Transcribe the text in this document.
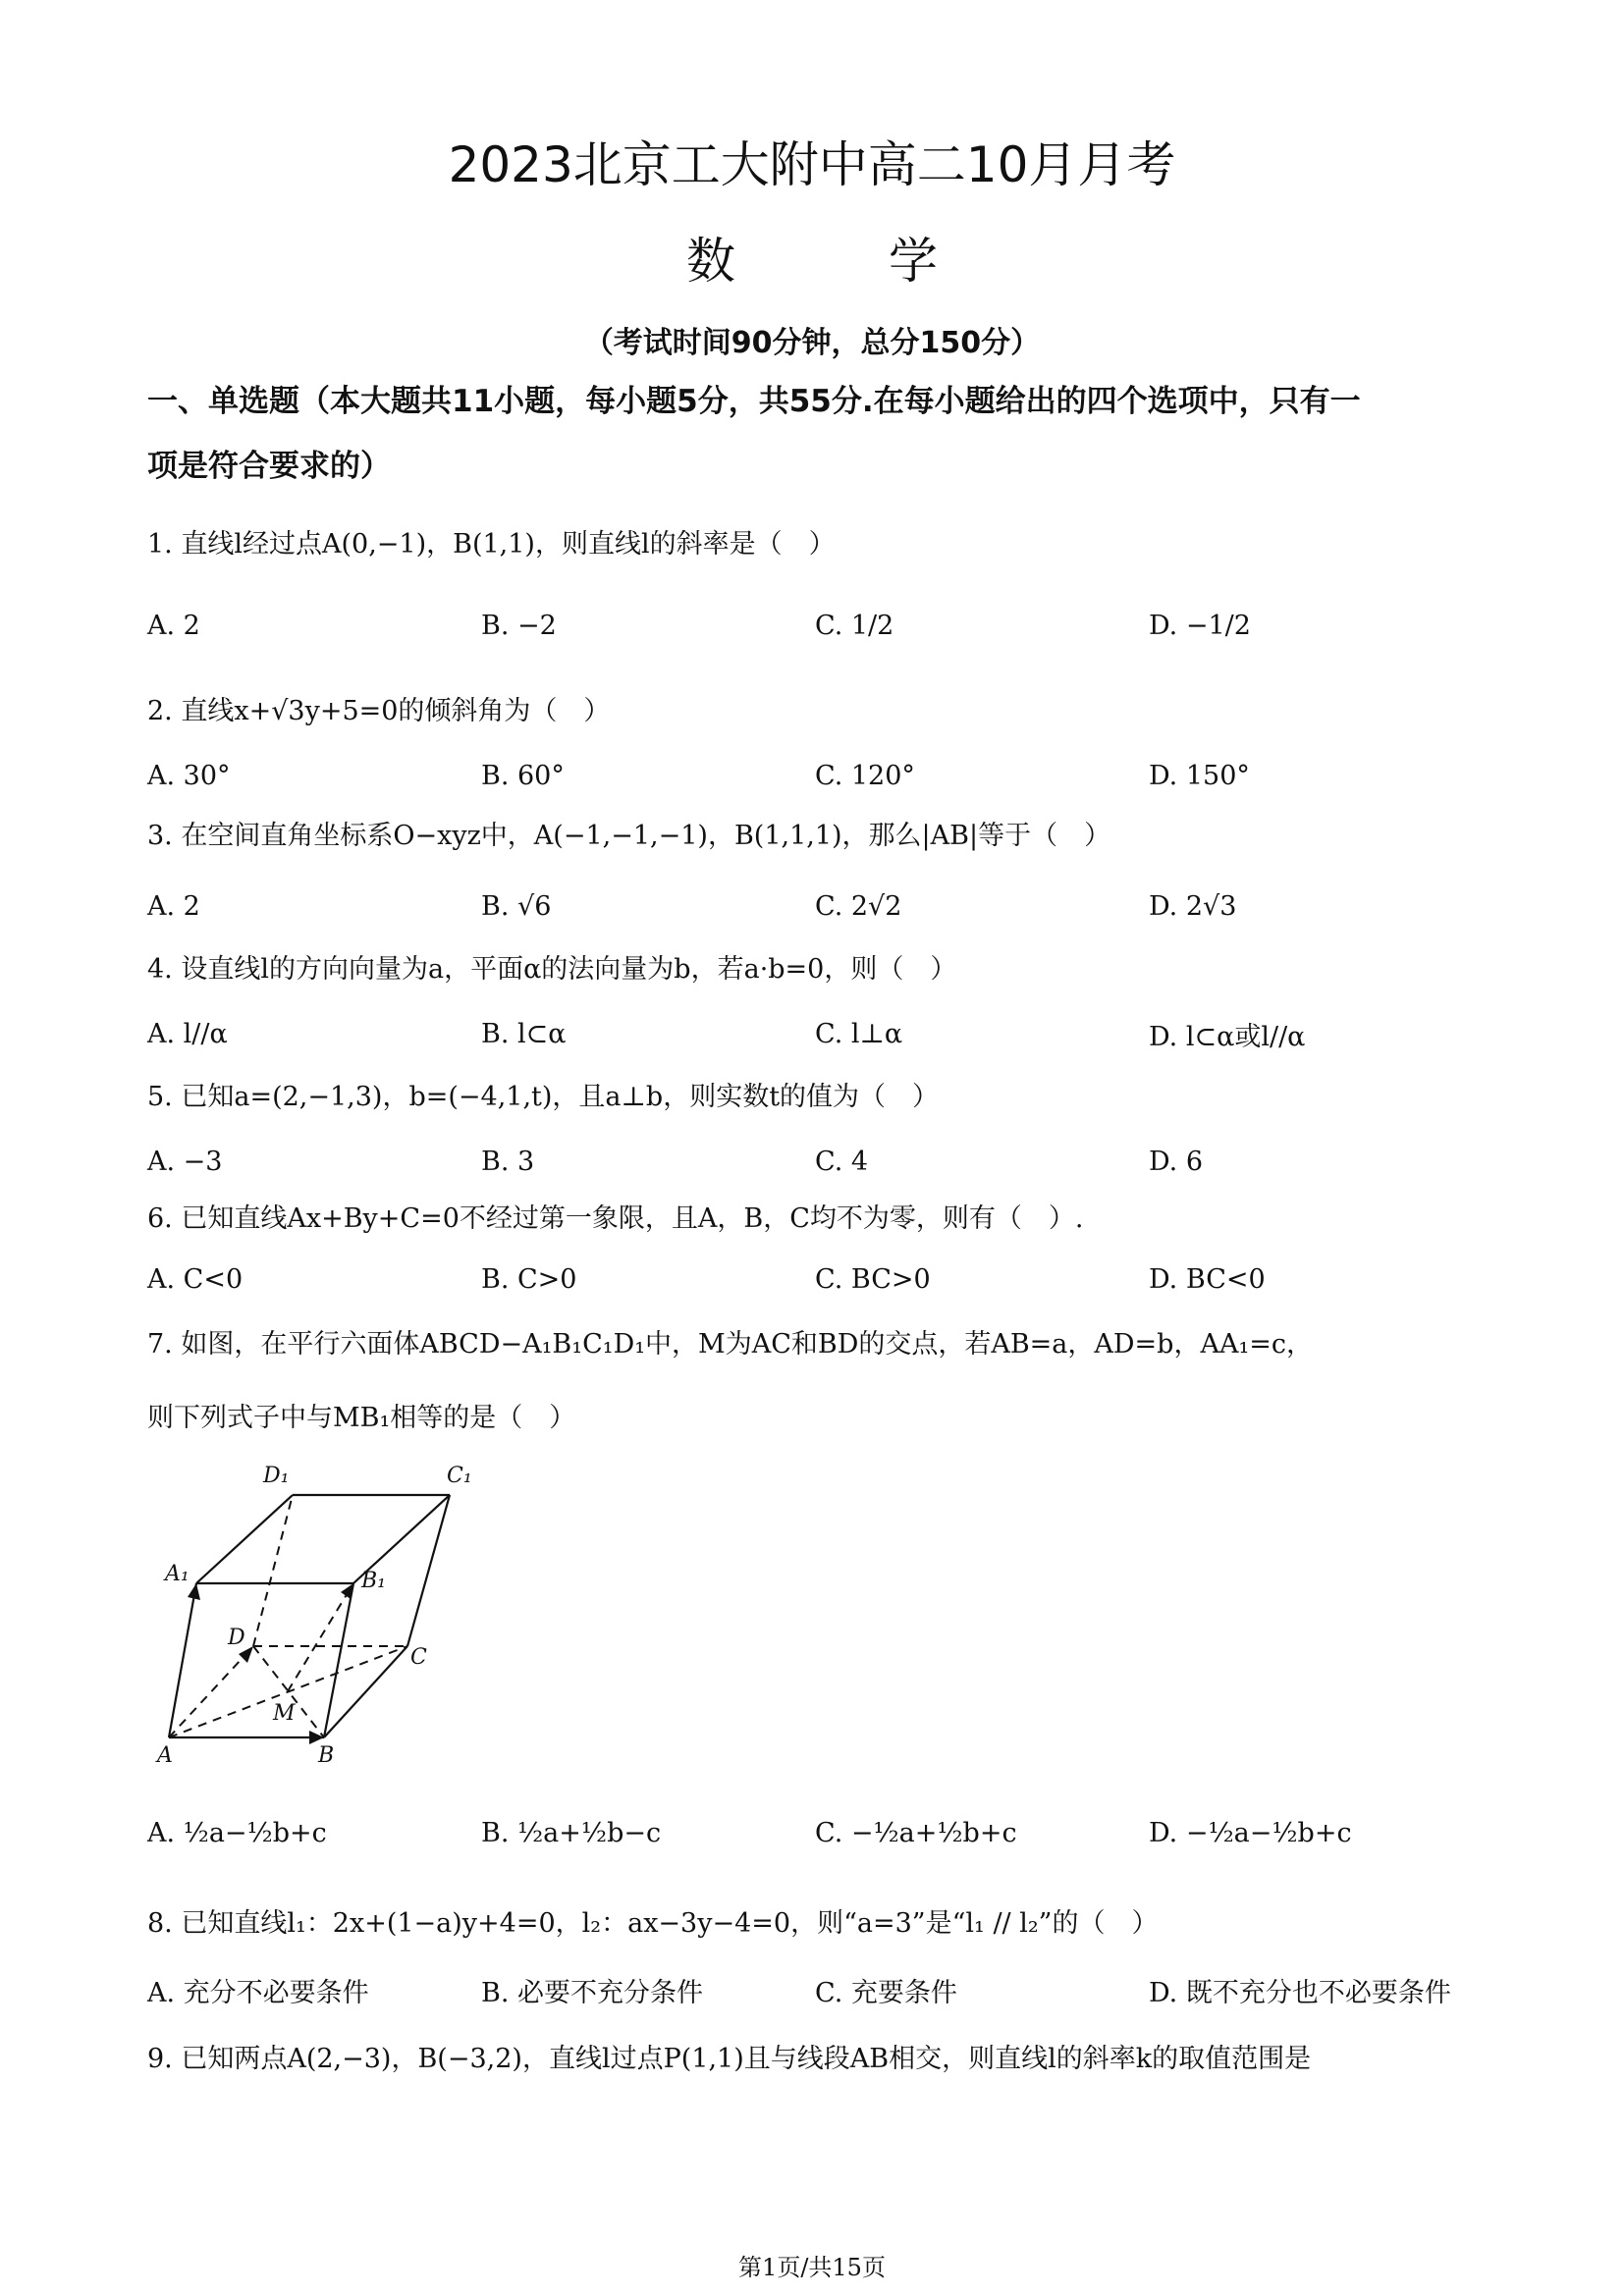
2023北京工大附中高二10月月考
数 学
（考试时间90分钟，总分150分）
一、单选题（本大题共11小题，每小题5分，共55分.在每小题给出的四个选项中，只有一
项是符合要求的）
1. 直线l经过点A(0,−1)，B(1,1)，则直线l的斜率是（　）
A. 2	B. −2	C. 1/2	D. −1/2
2. 直线x+√3y+5=0的倾斜角为（　）
A. 30°	B. 60°	C. 120°	D. 150°
3. 在空间直角坐标系O−xyz中，A(−1,−1,−1)，B(1,1,1)，那么|AB|等于（　）
A. 2	B. √6	C. 2√2	D. 2√3
4. 设直线l的方向向量为a，平面α的法向量为b，若a·b=0，则（　）
A. l//α	B. l⊂α	C. l⊥α	D. l⊂α或l//α
5. 已知a=(2,−1,3)，b=(−4,1,t)，且a⊥b，则实数t的值为（　）
A. −3	B. 3	C. 4	D. 6
6. 已知直线Ax+By+C=0不经过第一象限，且A，B，C均不为零，则有（　）.
A. C<0	B. C>0	C. BC>0	D. BC<0
7. 如图，在平行六面体ABCD−A₁B₁C₁D₁中，M为AC和BD的交点，若AB=a，AD=b，AA₁=c，
则下列式子中与MB₁相等的是（　）
D₁	C₁
A₁	B₁
D
C
M
A	B
A. ½a−½b+c	B. ½a+½b−c	C. −½a+½b+c	D. −½a−½b+c
8. 已知直线l₁：2x+(1−a)y+4=0，l₂：ax−3y−4=0，则“a=3”是“l₁ // l₂”的（　）
A. 充分不必要条件	B. 必要不充分条件	C. 充要条件	D. 既不充分也不必要条件
9. 已知两点A(2,−3)，B(−3,2)，直线l过点P(1,1)且与线段AB相交，则直线l的斜率k的取值范围是
第1页/共15页
